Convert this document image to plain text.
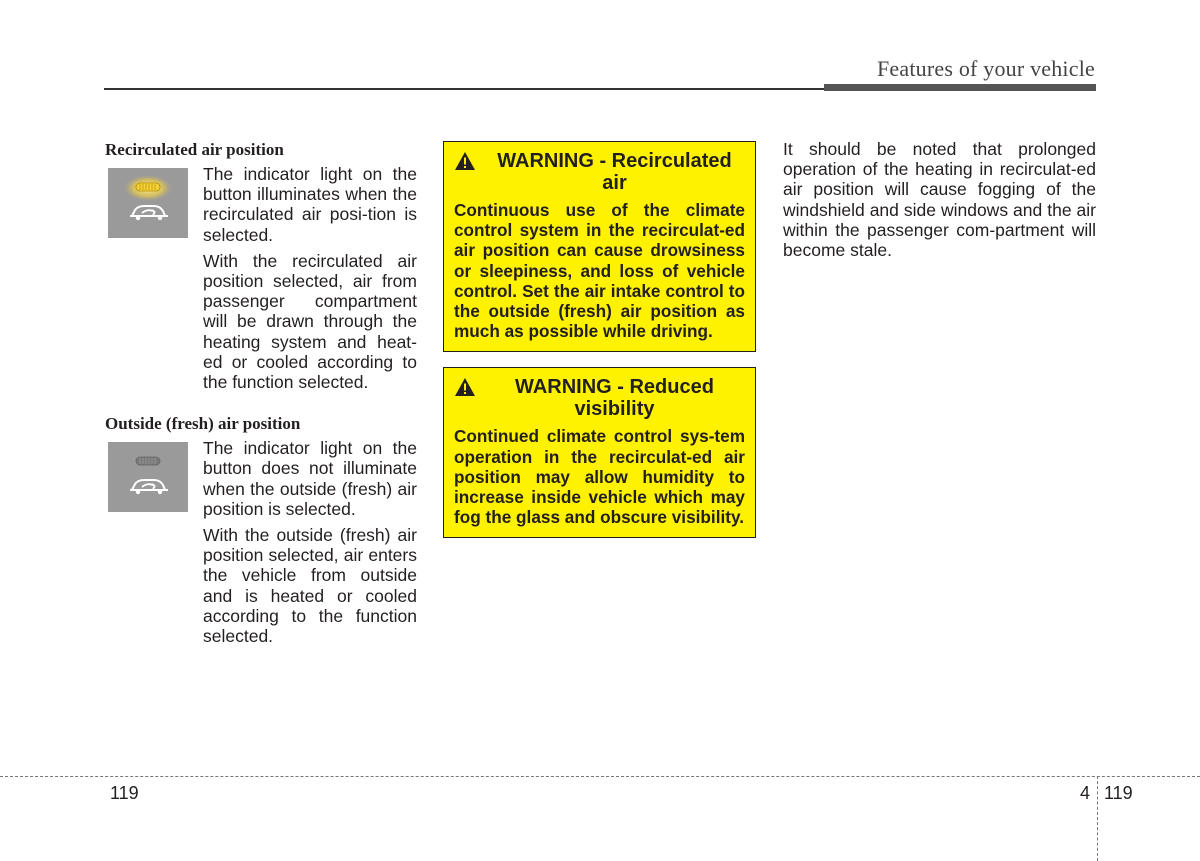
Features of your vehicle
Recirculated air position

The indicator light on the button illuminates when the recirculated air posi-tion is selected.

With the recirculated air position selected, air from passenger compartment will be drawn through the heating system and heat-ed or cooled according to the function selected.

Outside (fresh) air position

The indicator light on the button does not illuminate when the outside (fresh) air position is selected.

With the outside (fresh) air position selected, air enters the vehicle from outside and is heated or cooled according to the function selected.

WARNING - Recirculated air
Continuous use of the climate control system in the recirculat-ed air position can cause drowsiness or sleepiness, and loss of vehicle control. Set the air intake control to the outside (fresh) air position as much as possible while driving.
WARNING - Reduced visibility
Continued climate control sys-tem operation in the recirculat-ed air position may allow humidity to increase inside vehicle which may fog the glass and obscure visibility.

It should be noted that prolonged operation of the heating in recirculat-ed air position will cause fogging of the windshield and side windows and the air within the passenger com-partment will become stale.

119	4 119
